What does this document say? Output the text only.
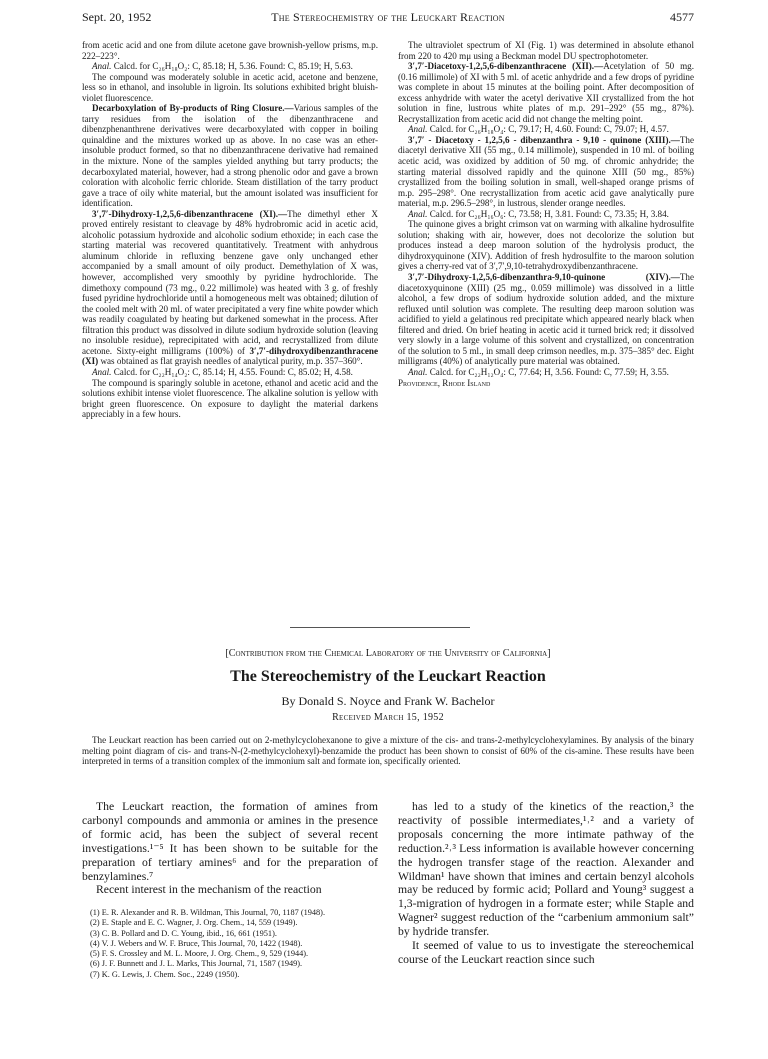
Sept. 20, 1952	The Stereochemistry of the Leuckart Reaction	4577

from acetic acid and one from dilute acetone gave brownish-yellow prisms, m.p. 222–223°.

Anal. Calcd. for C₂₆H₁₈O₂: C, 85.18; H, 5.36. Found: C, 85.19; H, 5.63.

The compound was moderately soluble in acetic acid, acetone and benzene, less so in ethanol, and insoluble in ligroin. Its solutions exhibited bright bluish-violet fluorescence.

Decarboxylation of By-products of Ring Closure.—Various samples of the tarry residues from the isolation of the dibenzanthracene and dibenzphenanthrene derivatives were decarboxylated with copper in boiling quinaldine and the mixtures worked up as above. In no case was an ether-insoluble product formed, so that no dibenzanthracene derivative had remained in the mixture. None of the samples yielded anything but tarry products; the decarboxylated material, however, had a strong phenolic odor and gave a brown coloration with alcoholic ferric chloride. Steam distillation of the tarry product gave a trace of oily white material, but the amount isolated was insufficient for identification.

3′,7′-Dihydroxy-1,2,5,6-dibenzanthracene (XI).—The dimethyl ether X proved entirely resistant to cleavage by 48% hydrobromic acid in acetic acid, alcoholic potassium hydroxide and alcoholic sodium ethoxide; in each case the starting material was recovered quantitatively. Treatment with anhydrous aluminum chloride in refluxing benzene gave only unchanged ether accompanied by a small amount of oily product. Demethylation of X was, however, accomplished very smoothly by pyridine hydrochloride. The dimethoxy compound (73 mg., 0.22 millimole) was heated with 3 g. of freshly fused pyridine hydrochloride until a homogeneous melt was obtained; dilution of the cooled melt with 20 ml. of water precipitated a very fine white powder which was readily coagulated by heating but darkened somewhat in the process. After filtration this product was dissolved in dilute sodium hydroxide solution (leaving no insoluble residue), reprecipitated with acid, and recrystallized from dilute acetone. Sixty-eight milligrams (100%) of 3′,7′-dihydroxydibenzanthracene (XI) was obtained as flat grayish needles of analytical purity, m.p. 357–360°.

Anal. Calcd. for C₂₂H₁₄O₂: C, 85.14; H, 4.55. Found: C, 85.02; H, 4.58.

The compound is sparingly soluble in acetone, ethanol and acetic acid and the solutions exhibit intense violet fluorescence. The alkaline solution is yellow with bright green fluorescence. On exposure to daylight the material darkens appreciably in a few hours.

The ultraviolet spectrum of XI (Fig. 1) was determined in absolute ethanol from 220 to 420 mμ using a Beckman model DU spectrophotometer.

3′,7′-Diacetoxy-1,2,5,6-dibenzanthracene (XII).—Acetylation of 50 mg. (0.16 millimole) of XI with 5 ml. of acetic anhydride and a few drops of pyridine was complete in about 15 minutes at the boiling point. After decomposition of excess anhydride with water the acetyl derivative XII crystallized from the hot solution in fine, lustrous white plates of m.p. 291–292° (55 mg., 87%). Recrystallization from acetic acid did not change the melting point.

Anal. Calcd. for C₂₆H₁₈O₄: C, 79.17; H, 4.60. Found: C, 79.07; H, 4.57.

3′,7′ - Diacetoxy - 1,2,5,6 - dibenzanthra - 9,10 - quinone (XIII).—The diacetyl derivative XII (55 mg., 0.14 millimole), suspended in 10 ml. of boiling acetic acid, was oxidized by addition of 50 mg. of chromic anhydride; the starting material dissolved rapidly and the quinone XIII (50 mg., 85%) crystallized from the boiling solution in small, well-shaped orange prisms of m.p. 295–298°. One recrystallization from acetic acid gave analytically pure material, m.p. 296.5–298°, in lustrous, slender orange needles.

Anal. Calcd. for C₂₆H₁₆O₆: C, 73.58; H, 3.81. Found: C, 73.35; H, 3.84.

The quinone gives a bright crimson vat on warming with alkaline hydrosulfite solution; shaking with air, however, does not decolorize the solution but produces instead a deep maroon solution of the hydrolysis product, the dihydroxyquinone (XIV). Addition of fresh hydrosulfite to the maroon solution gives a cherry-red vat of 3′,7′,9,10-tetrahydroxydibenzanthracene.

3′,7′-Dihydroxy-1,2,5,6-dibenzanthra-9,10-quinone (XIV).—The diacetoxyquinone (XIII) (25 mg., 0.059 millimole) was dissolved in a little alcohol, a few drops of sodium hydroxide solution added, and the mixture refluxed until solution was complete. The resulting deep maroon solution was acidified to yield a gelatinous red precipitate which appeared nearly black when filtered and dried. On brief heating in acetic acid it turned brick red; it dissolved very slowly in a large volume of this solvent and crystallized, on concentration of the solution to 5 ml., in small deep crimson needles, m.p. 375–385° dec. Eight milligrams (40%) of analytically pure material was obtained.

Anal. Calcd. for C₂₂H₁₂O₄: C, 77.64; H, 3.56. Found: C, 77.59; H, 3.55.

Providence, Rhode Island

[Contribution from the Chemical Laboratory of the University of California]
The Stereochemistry of the Leuckart Reaction
By Donald S. Noyce and Frank W. Bachelor
Received March 15, 1952

The Leuckart reaction has been carried out on 2-methylcyclohexanone to give a mixture of the cis- and trans-2-methylcyclohexylamines. By analysis of the binary melting point diagram of cis- and trans-N-(2-methylcyclohexyl)-benzamide the product has been shown to consist of 60% of the cis-amine. These results have been interpreted in terms of a transition complex of the immonium salt and formate ion, specifically oriented.

The Leuckart reaction, the formation of amines from carbonyl compounds and ammonia or amines in the presence of formic acid, has been the subject of several recent investigations.¹⁻⁵ It has been shown to be suitable for the preparation of tertiary amines⁶ and for the preparation of benzylamines.⁷

Recent interest in the mechanism of the reaction

(1) E. R. Alexander and R. B. Wildman, This Journal, 70, 1187 (1948).
(2) E. Staple and E. C. Wagner, J. Org. Chem., 14, 559 (1949).
(3) C. B. Pollard and D. C. Young, ibid., 16, 661 (1951).
(4) V. J. Webers and W. F. Bruce, This Journal, 70, 1422 (1948).
(5) F. S. Crossley and M. L. Moore, J. Org. Chem., 9, 529 (1944).
(6) J. F. Bunnett and J. L. Marks, This Journal, 71, 1587 (1949).
(7) K. G. Lewis, J. Chem. Soc., 2249 (1950).

has led to a study of the kinetics of the reaction,³ the reactivity of possible intermediates,¹˒² and a variety of proposals concerning the more intimate pathway of the reduction.²˒³ Less information is available however concerning the hydrogen transfer stage of the reaction. Alexander and Wildman¹ have shown that imines and certain benzyl alcohols may be reduced by formic acid; Pollard and Young³ suggest a 1,3-migration of hydrogen in a formate ester; while Staple and Wagner² suggest reduction of the “carbenium ammonium salt” by hydride transfer.

It seemed of value to us to investigate the stereochemical course of the Leuckart reaction since such
